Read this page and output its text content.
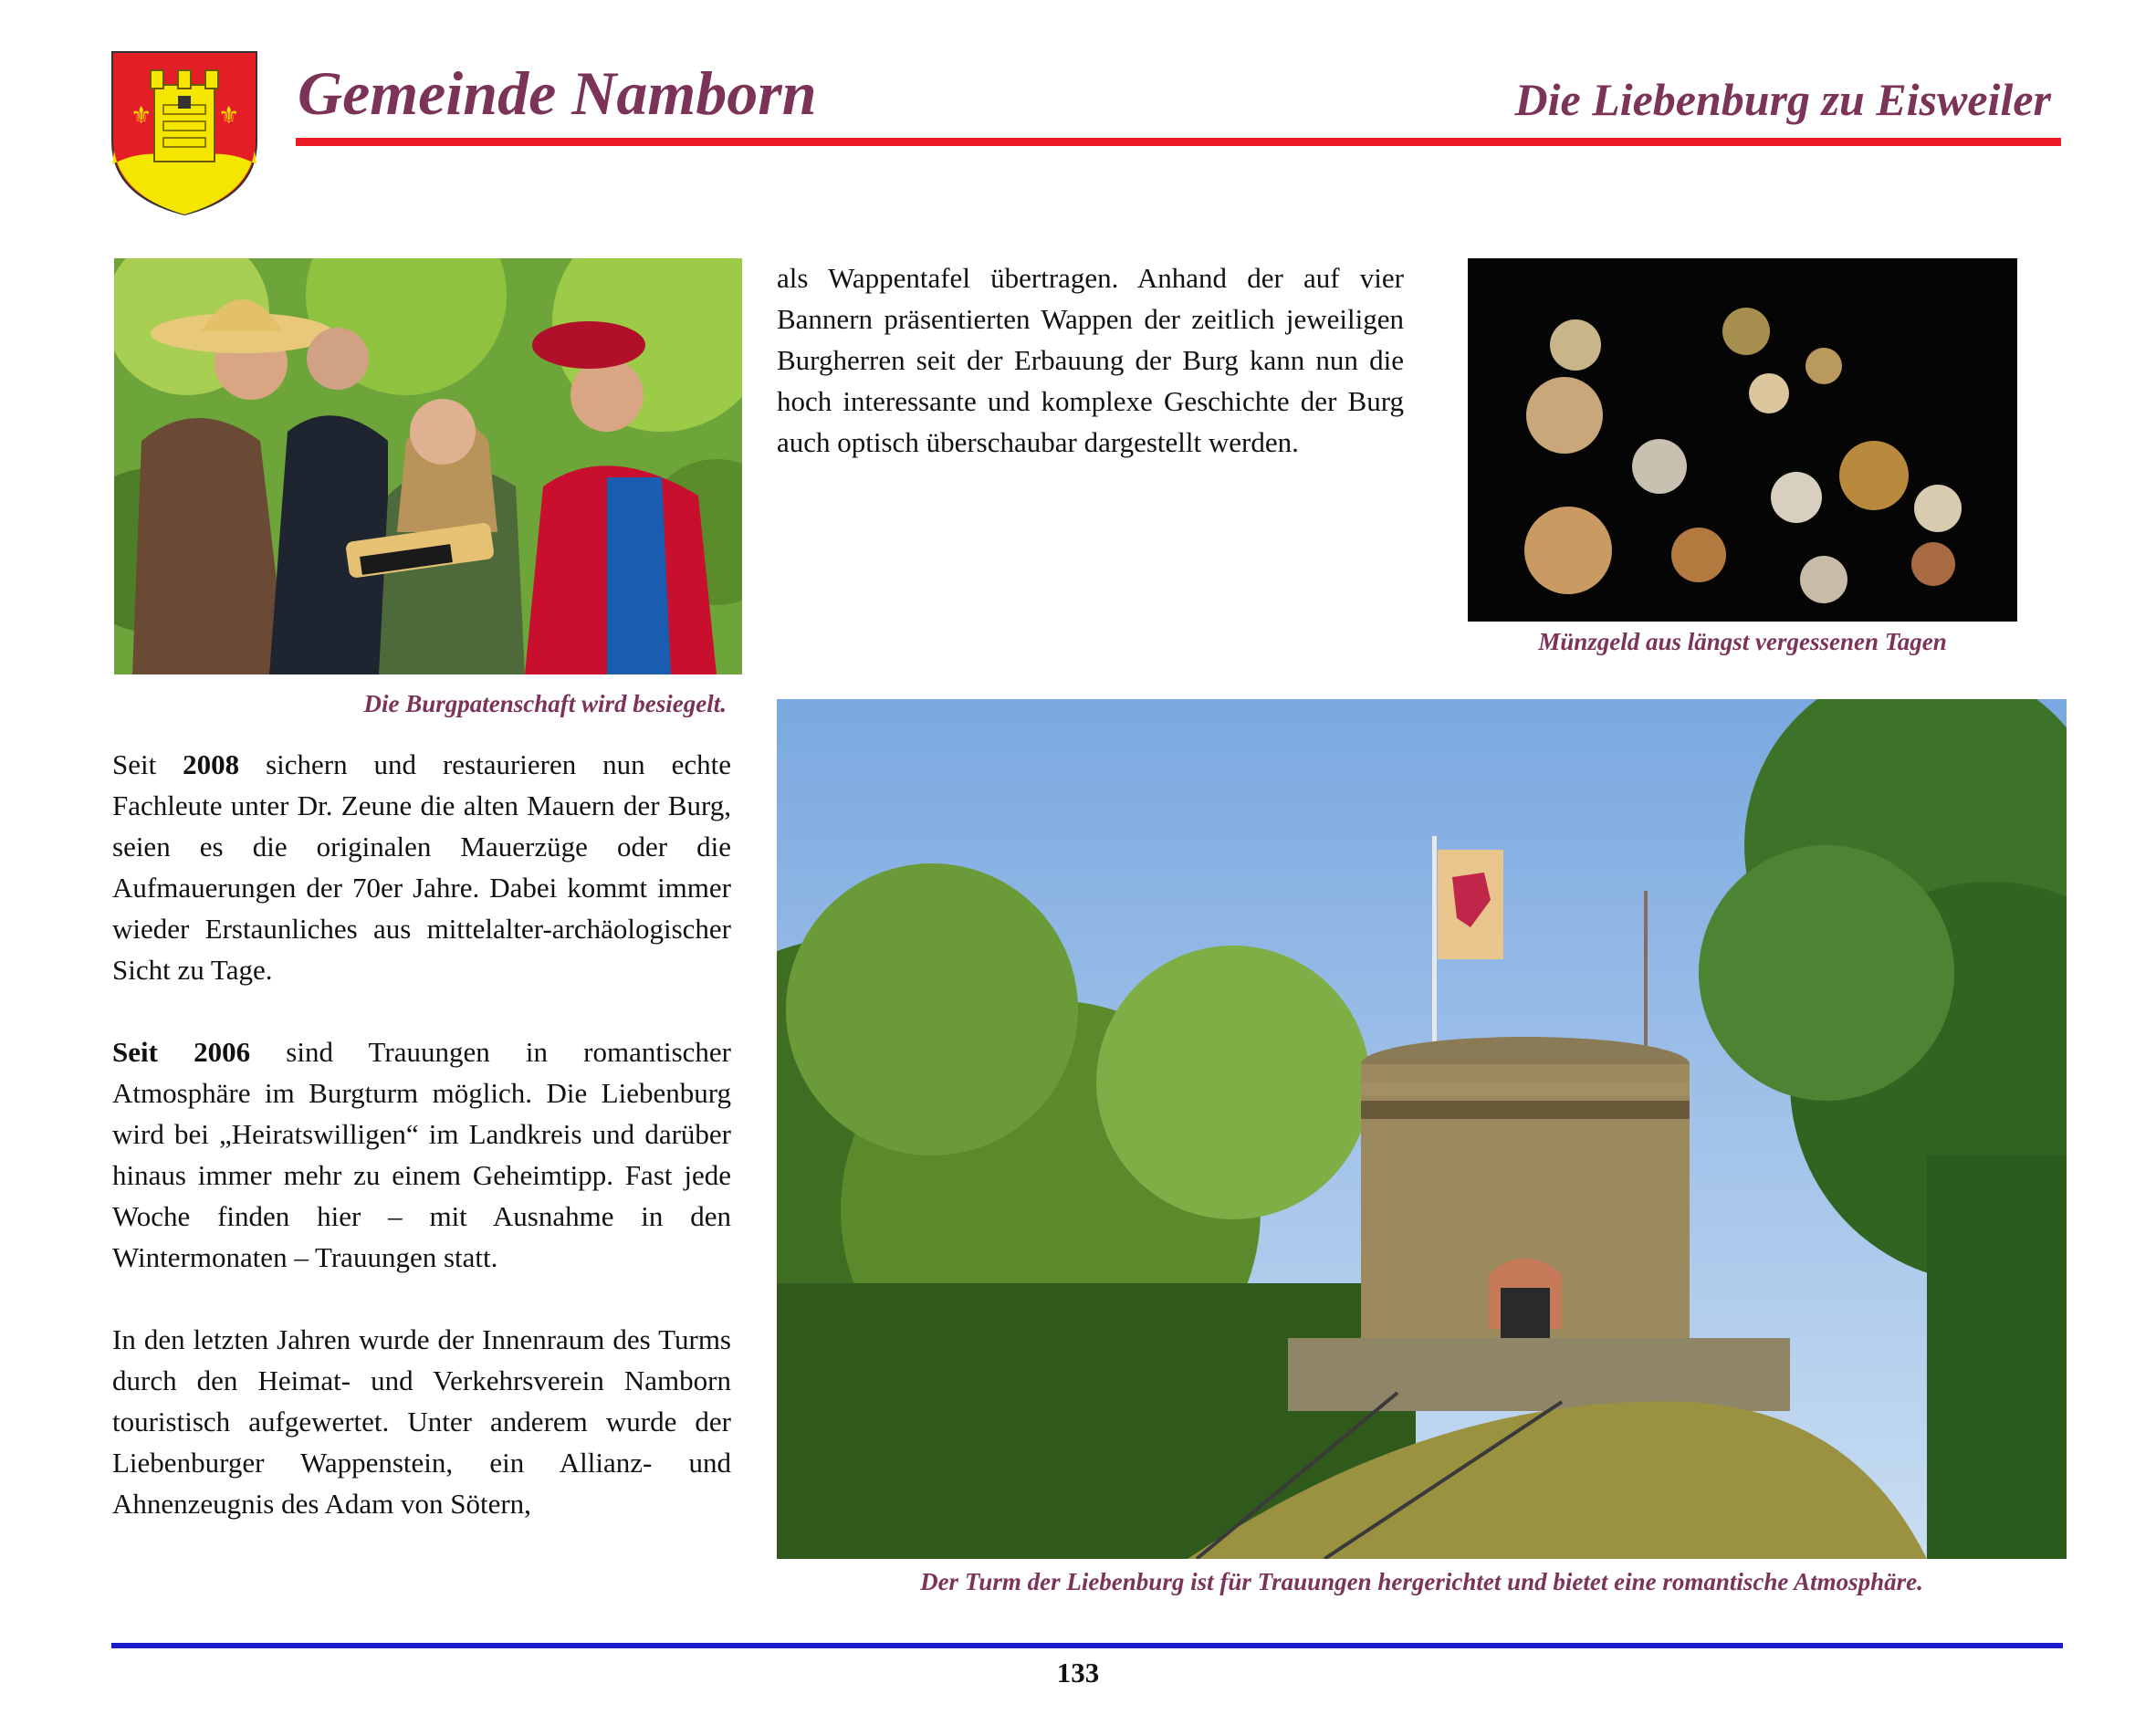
⚜	⚜ Gemeinde Namborn	Die Liebenburg zu Eisweiler
Die Burgpatenschaft wird besiegelt.
Münzgeld aus längst vergessenen Tagen
Der Turm der Liebenburg ist für Trauungen hergerichtet und bietet eine romantische Atmosphäre.

als Wappentafel übertragen. Anhand der auf vier Bannern präsentierten Wappen der zeitlich jeweiligen Burgherren seit der Erbauung der Burg kann nun die hoch interessante und komplexe Geschichte der Burg auch optisch überschaubar dargestellt werden.

Seit 2008 sichern und restaurieren nun echte Fachleute unter Dr. Zeune die alten Mauern der Burg, seien es die originalen Mauerzüge oder die Aufmauerungen der 70er Jahre. Dabei kommt immer wieder Erstaunliches aus mittelalter-archäologischer Sicht zu Tage.

Seit 2006 sind Trauungen in romantischer Atmosphäre im Burgturm möglich. Die Liebenburg wird bei „Heiratswilligen“ im Landkreis und darüber hinaus immer mehr zu einem Geheimtipp. Fast jede Woche finden hier – mit Ausnahme in den Wintermonaten – Trauungen statt.

In den letzten Jahren wurde der Innenraum des Turms durch den Heimat- und Verkehrsverein Namborn touristisch aufgewertet. Unter anderem wurde der Liebenburger Wappenstein, ein Allianz- und Ahnenzeugnis des Adam von Sötern,

133
